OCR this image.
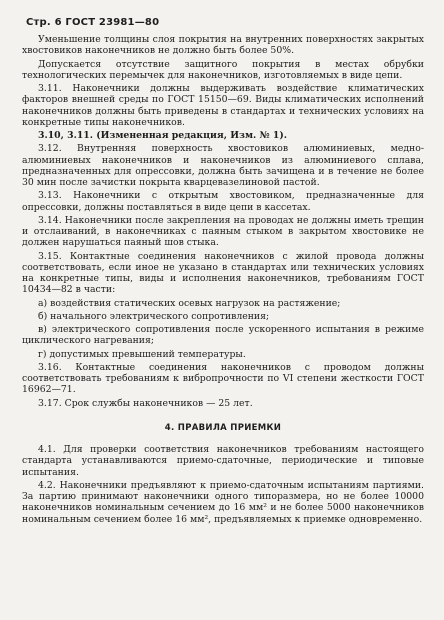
Стр. 6 ГОСТ 23981—80

Уменьшение толщины слоя покрытия на внутренних поверхностях закрытых хвостовиков наконечников не должно быть более 50%.

Допускается отсутствие защитного покрытия в местах обрубки технологических перемычек для наконечников, изготовляемых в виде цепи.

3.11. Наконечники должны выдерживать воздействие климатических факторов внешней среды по ГОСТ 15150—69. Виды климатических исполнений наконечников должны быть приведены в стандартах и технических условиях на конкретные типы наконечников.

3.10, 3.11. (Измененная редакция, Изм. № 1).

3.12. Внутренняя поверхность хвостовиков алюминиевых, медно-алюминиевых наконечников и наконечников из алюминиевого сплава, предназначенных для опрессовки, должна быть зачищена и в течение не более 30 мин после зачистки покрыта кварцевазелиновой пастой.

3.13. Наконечники с открытым хвостовиком, предназначенные для опрессовки, должны поставляться в виде цепи в кассетах.

3.14. Наконечники после закрепления на проводах не должны иметь трещин и отслаиваний, в наконечниках с паяным стыком в закрытом хвостовике не должен нарушаться паяный шов стыка.

3.15. Контактные соединения наконечников с жилой провода должны соответствовать, если иное не указано в стандартах или технических условиях на конкретные типы, виды и исполнения наконечников, требованиям ГОСТ 10434—82 в части:

а) воздействия статических осевых нагрузок на растяжение;

б) начального электрического сопротивления;

в) электрического сопротивления после ускоренного испытания в режиме циклического нагревания;

г) допустимых превышений температуры.

3.16. Контактные соединения наконечников с проводом должны соответствовать требованиям к вибропрочности по VI степени жесткости ГОСТ 16962—71.

3.17. Срок службы наконечников — 25 лет.

4. ПРАВИЛА ПРИЕМКИ

4.1. Для проверки соответствия наконечников требованиям настоящего стандарта устанавливаются приемо-сдаточные, периодические и типовые испытания.

4.2. Наконечники предъявляют к приемо-сдаточным испытаниям партиями. За партию принимают наконечники одного типоразмера, но не более 10000 наконечников номинальным сечением до 16 мм² и не более 5000 наконечников номинальным сечением более 16 мм², предъявляемых к приемке одновременно.
